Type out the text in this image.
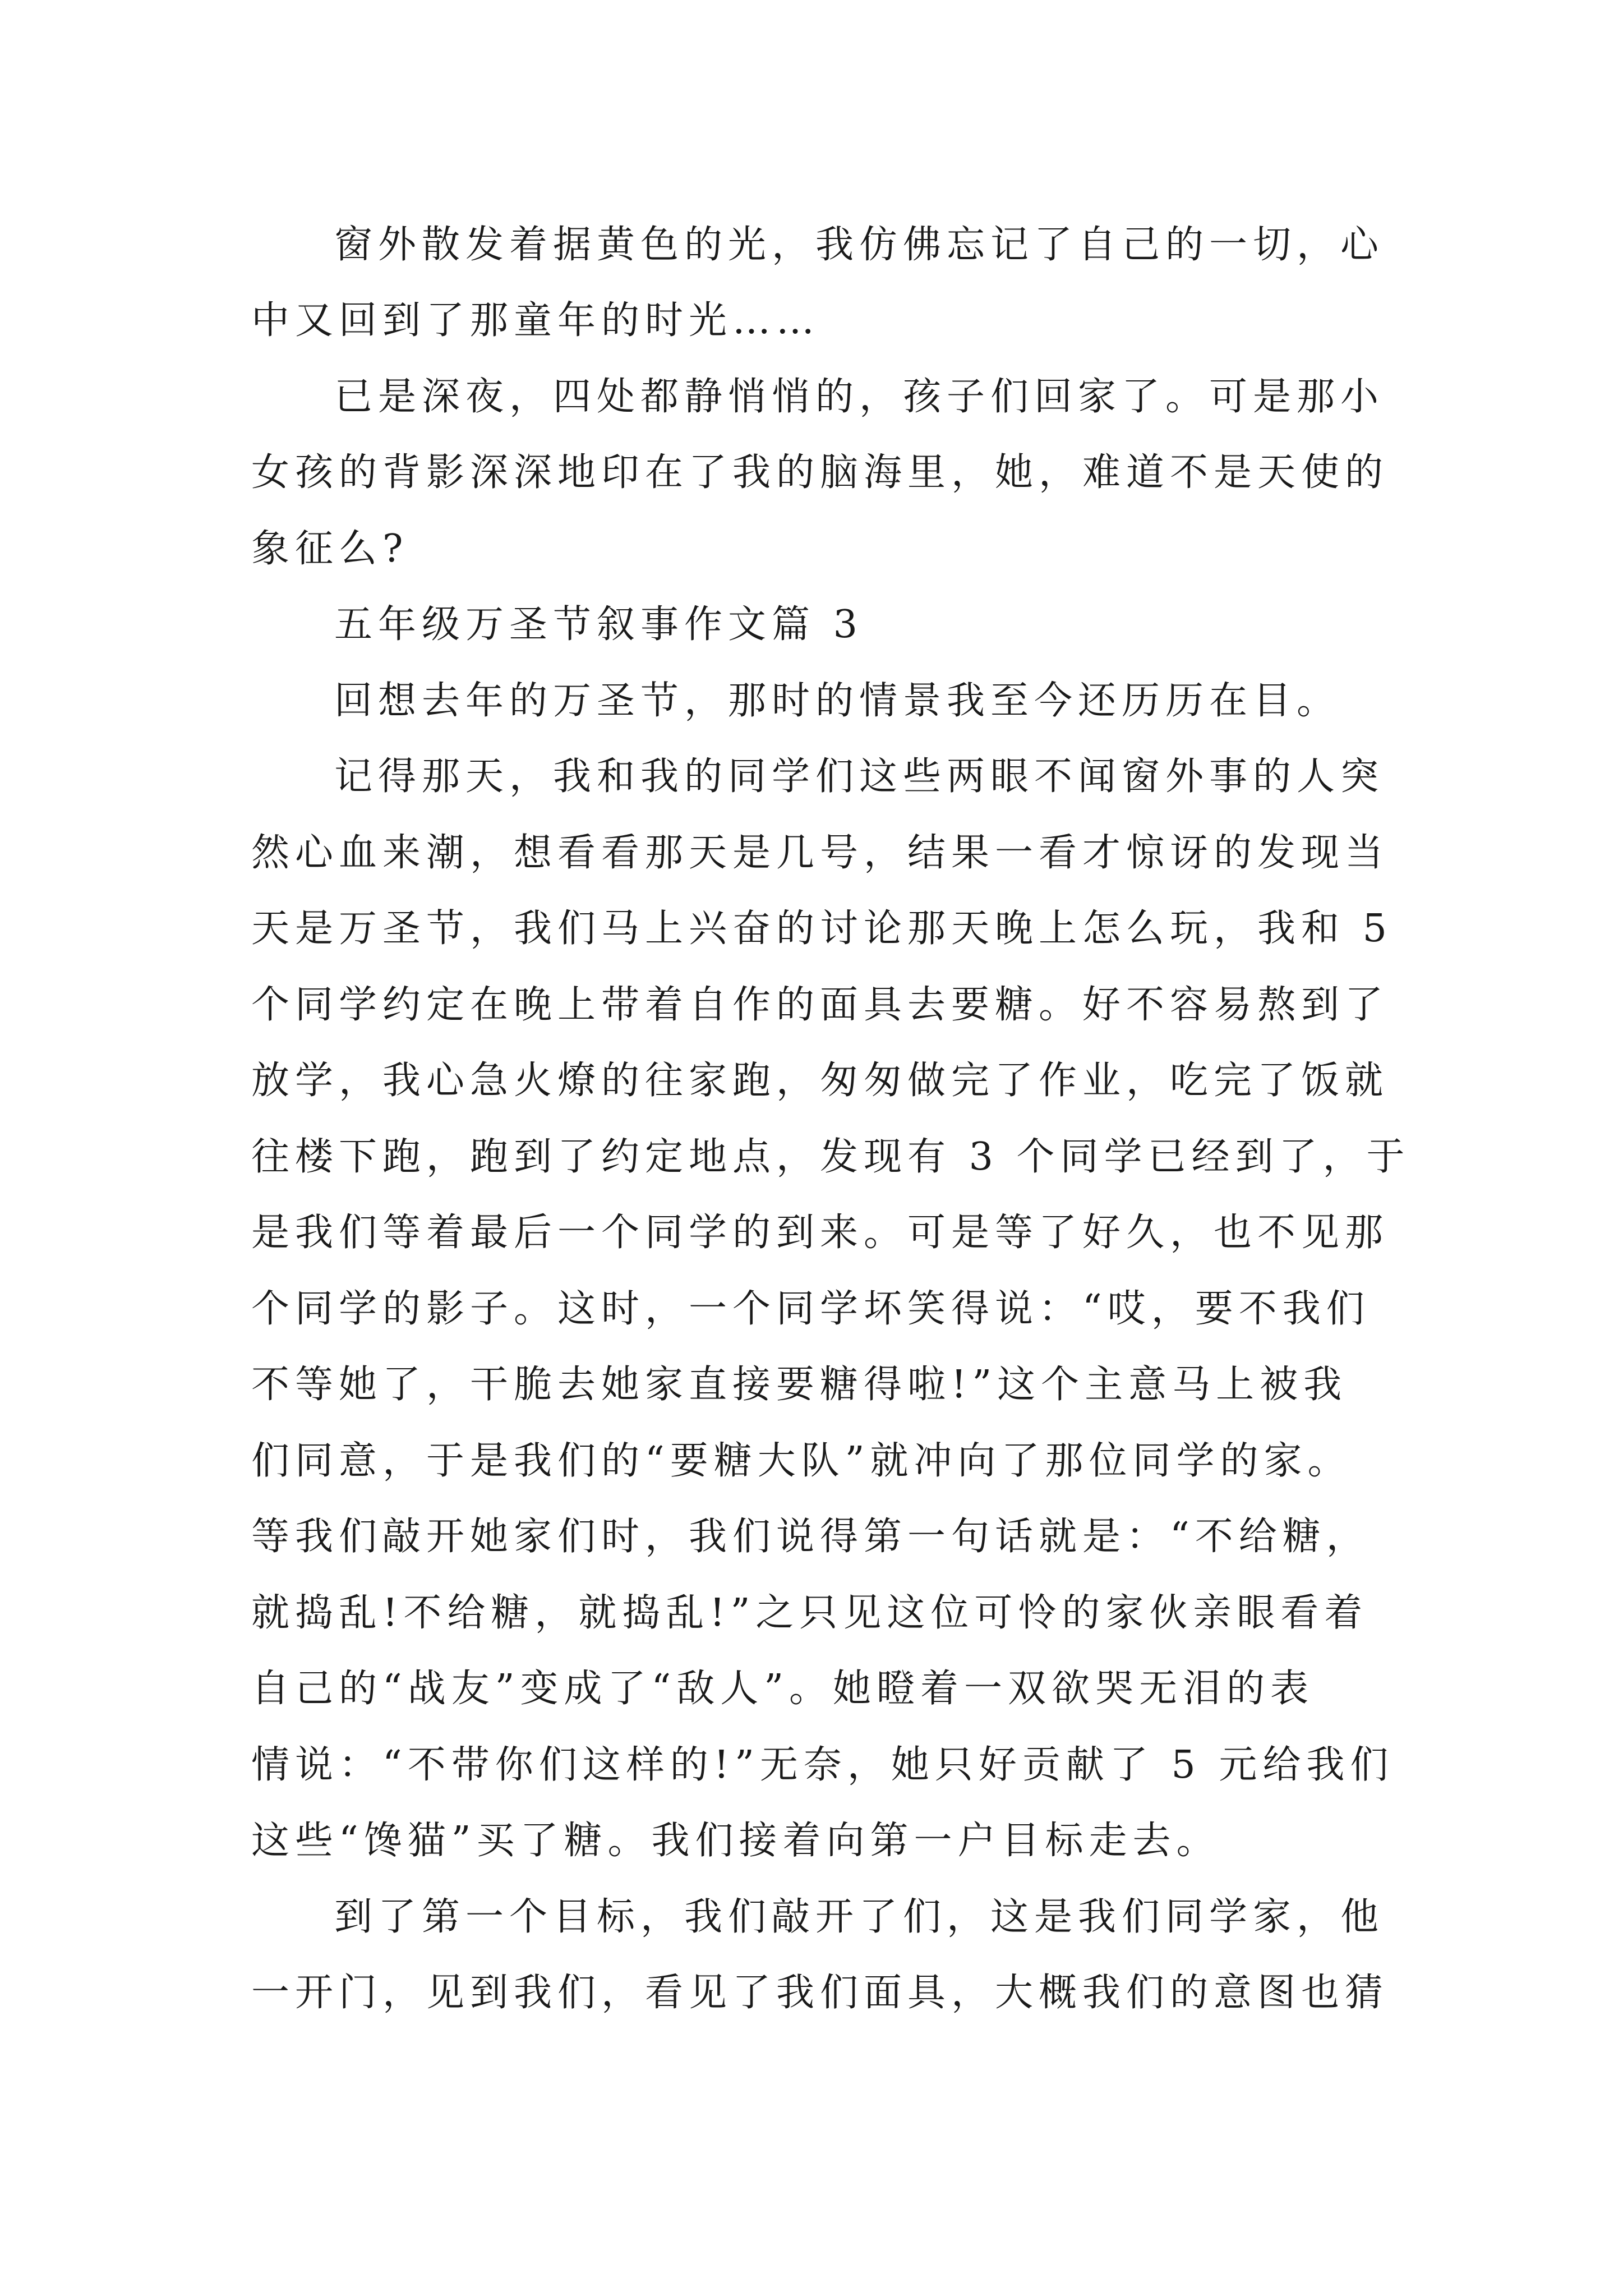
窗外散发着据黄色的光，我仿佛忘记了自己的一切，心
中又回到了那童年的时光……
已是深夜，四处都静悄悄的，孩子们回家了。可是那小
女孩的背影深深地印在了我的脑海里，她，难道不是天使的
象征么?
五年级万圣节叙事作文篇 3
回想去年的万圣节，那时的情景我至今还历历在目。
记得那天，我和我的同学们这些两眼不闻窗外事的人突
然心血来潮，想看看那天是几号，结果一看才惊讶的发现当
天是万圣节，我们马上兴奋的讨论那天晚上怎么玩，我和 5
个同学约定在晚上带着自作的面具去要糖。好不容易熬到了
放学，我心急火燎的往家跑，匆匆做完了作业，吃完了饭就
往楼下跑，跑到了约定地点，发现有 3 个同学已经到了，于
是我们等着最后一个同学的到来。可是等了好久，也不见那
个同学的影子。这时，一个同学坏笑得说：“哎，要不我们
不等她了，干脆去她家直接要糖得啦!”这个主意马上被我
们同意，于是我们的“要糖大队”就冲向了那位同学的家。
等我们敲开她家们时，我们说得第一句话就是：“不给糖，
就捣乱!不给糖，就捣乱!”之只见这位可怜的家伙亲眼看着
自己的“战友”变成了“敌人”。她瞪着一双欲哭无泪的表
情说：“不带你们这样的!”无奈，她只好贡献了 5 元给我们
这些“馋猫”买了糖。我们接着向第一户目标走去。
到了第一个目标，我们敲开了们，这是我们同学家，他
一开门，见到我们，看见了我们面具，大概我们的意图也猜
